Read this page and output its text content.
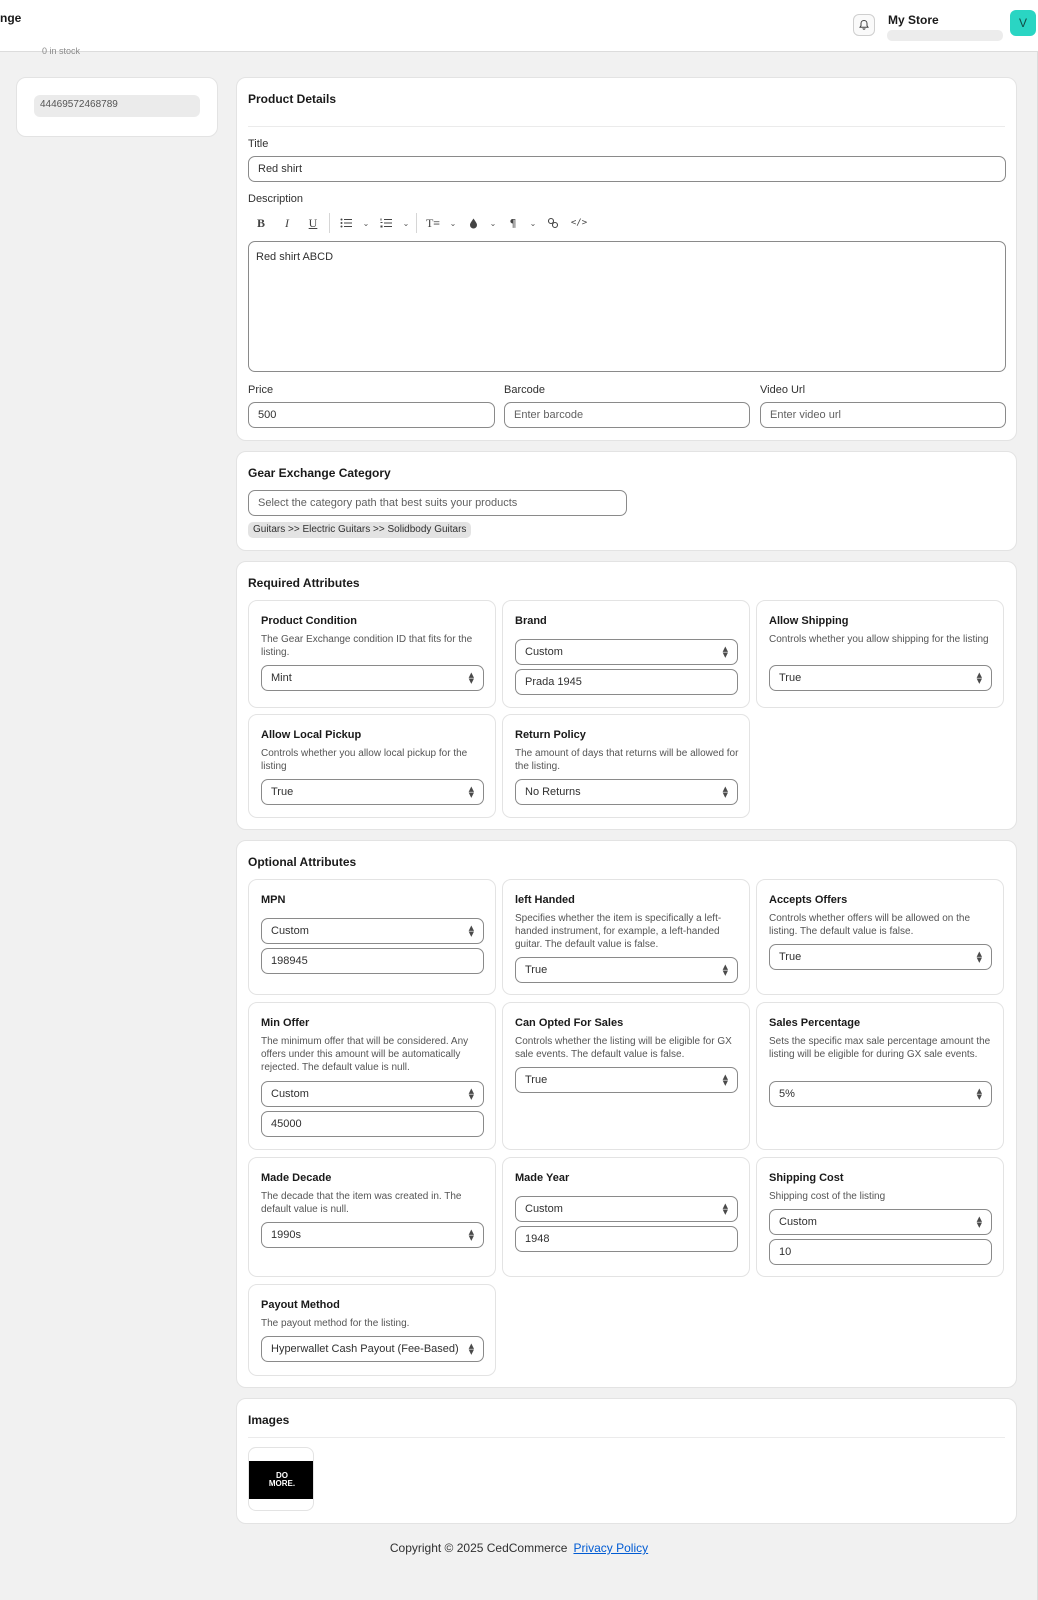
nge
0 in stock
My Store	V
44469572468789	Product Details
Title
Red shirt
Description
B	I	U	⌄	⌄	T≡	⌄	⌄	¶	⌄	</>
Red shirt ABCD
Price
500
Barcode
Enter barcode
Video Url
Enter video url
Gear Exchange Category
Select the category path that best suits your products
Guitars >> Electric Guitars >> Solidbody Guitars
Required Attributes
Product Condition
The Gear Exchange condition ID that fits for the listing.
Mint	▲
▼
Brand
Custom	▲
▼
Prada 1945
Allow Shipping
Controls whether you allow shipping for the listing
True	▲
▼
Allow Local Pickup
Controls whether you allow local pickup for the listing
True	▲
▼
Return Policy
The amount of days that returns will be allowed for the listing.
No Returns	▲
▼
Optional Attributes
MPN
Custom	▲
▼
198945
left Handed
Specifies whether the item is specifically a left-handed instrument, for example, a left-handed guitar. The default value is false.
True	▲
▼
Accepts Offers
Controls whether offers will be allowed on the listing. The default value is false.
True	▲
▼
Min Offer
The minimum offer that will be considered. Any offers under this amount will be automatically rejected. The default value is null.
Custom	▲
▼
45000
Can Opted For Sales
Controls whether the listing will be eligible for GX sale events. The default value is false.
True	▲
▼
Sales Percentage
Sets the specific max sale percentage amount the listing will be eligible for during GX sale events.
5%	▲
▼
Made Decade
The decade that the item was created in. The default value is null.
1990s	▲
▼
Made Year
Custom	▲
▼
1948
Shipping Cost
Shipping cost of the listing
Custom	▲
▼
10
Payout Method
The payout method for the listing.
Hyperwallet Cash Payout (Fee-Based)	▲
▼
Images
DO
MORE.
Copyright © 2025 CedCommerce Privacy Policy
